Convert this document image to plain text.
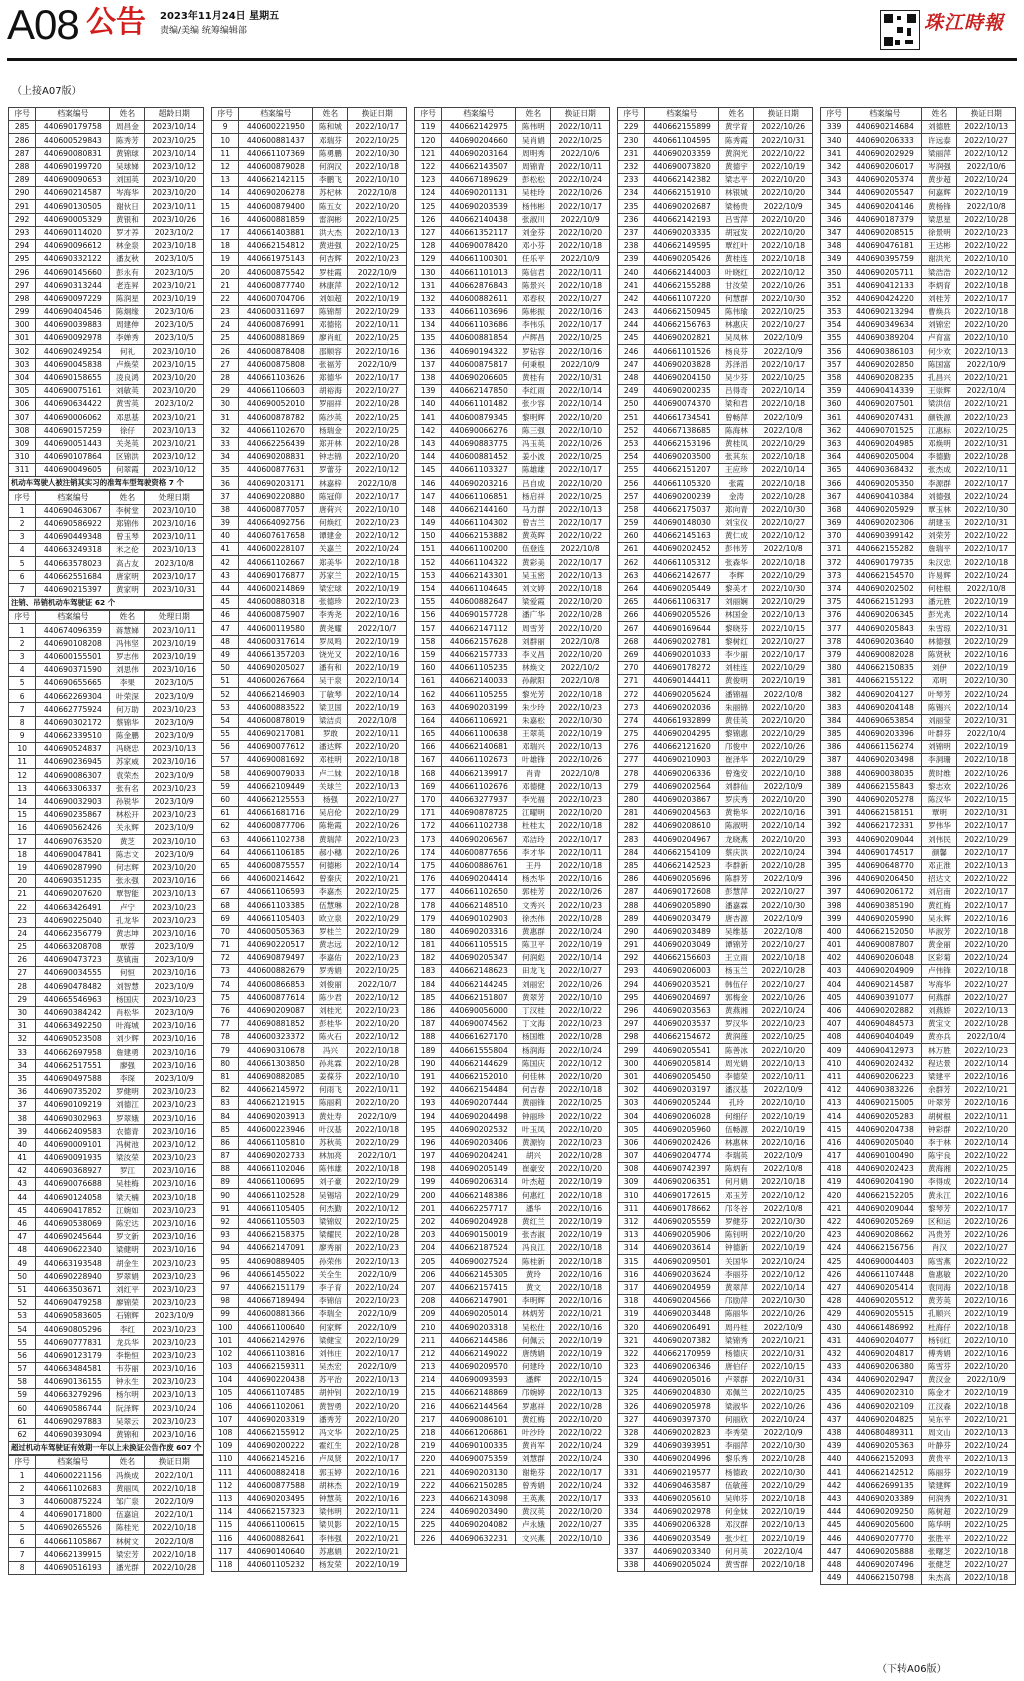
A08 公告 2023年11月24日 星期五
责编/美编 统筹编辑部	珠江時報
（上接A07版）
序号	档案编号	姓名	超龄日期
285	440690179758	周昌金	2023/10/14
286	440600529843	陈秀芳	2023/10/25
287	440690080831	黄锦球	2023/10/14
288	440690199720	吴球娣	2023/10/12
289	440690090653	刘国英	2023/10/20
290	440690214587	岑海华	2023/10/20
291	440690130505	谢伙日	2023/10/11
292	440690005329	黄银和	2023/10/26
293	440690114020	罗才养	2023/10/2
294	440690096612	林金泉	2023/10/18
295	440690332122	潘友秋	2023/10/5
296	440690145660	彭永有	2023/10/5
297	440690313244	老连昇	2023/10/21
298	440690097229	陈润星	2023/10/19
299	440690404546	陈炯缘	2023/10/6
300	440690039883	周建伸	2023/10/5
301	440690092978	李婵秀	2023/10/5
302	440690249254	何礼	2023/10/10
303	440690045838	卢焕荣	2023/10/15
304	440690158655	凌良鸿	2023/10/20
305	440690075161	刘敏英	2023/10/20
306	440690634422	黄雪英	2023/10/2
307	440690006062	邓思基	2023/10/21
308	440690157259	徐仔	2023/10/13
309	440690051443	关尧英	2023/10/21
310	440690107864	区锦洪	2023/10/12
311	440690049605	何翠霞	2023/10/12
机动车驾驶人被注销其实习的准驾车型驾驶资格 7 个
序号	档案编号	姓名	处理日期
1	440690463067	李树堂	2023/10/10
2	440690586922	郑锦伟	2023/10/16
3	440690449348	曾玉琴	2023/10/11
4	440663249318	米之伦	2023/10/13
5	440663578023	高占友	2023/10/8
6	440662551684	唐家明	2023/10/17
7	440690215397	黄家明	2023/10/31
注销、吊销机动车驾驶证 62 个
序号	档案编号	姓名	处理日期
1	440674096359	蒋慧娣	2023/10/11
2	440690108208	冯伟坚	2023/10/19
3	440600155501	罗志伟	2023/10/19
4	440690371590	刘思伟	2023/10/16
5	440690655665	李果	2023/10/5
6	440662269304	叶荣深	2023/10/9
7	440662775924	何万助	2023/10/23
8	440690302172	蔡锦华	2023/10/9
9	440662339510	陈金鹏	2023/10/9
10	440690524837	冯晓忠	2023/10/13
11	440690236945	苏家威	2023/10/16
12	440690086307	袁荣杰	2023/10/9
13	440663306337	张有名	2023/10/23
14	440690032903	孙锐华	2023/10/9
15	440690235867	林松开	2023/10/23
16	440690562426	关永辉	2023/10/9
17	440690763520	黄芝	2023/10/10
18	440690047841	陈志文	2023/10/9
19	440690287990	何志辉	2023/10/20
20	440690351235	张永强	2023/10/16
21	440690207620	覃智能	2023/10/13
22	440663426491	卢宁	2023/10/23
23	440690225040	孔龙华	2023/10/23
24	440662356779	黄志坤	2023/10/16
25	440663208708	覃蓉	2023/10/9
26	440690473723	莫镇南	2023/10/9
27	440690034555	何恒	2023/10/16
28	440690478482	刘智慧	2023/10/9
29	440665546963	杨国庆	2023/10/23
30	440690384242	肖松华	2023/10/9
31	440663492250	叶海城	2023/10/16
32	440690523508	刘少辉	2023/10/16
33	440662697958	詹建勇	2023/10/16
34	440662517551	廖强	2023/10/16
35	440690497588	李琛	2023/10/9
36	440690735202	罗健明	2023/10/23
37	440690109219	刘德江	2023/10/23
38	440690302963	罗翠娥	2023/10/16
39	440662409583	农德青	2023/10/16
40	440690009101	冯树池	2023/10/12
41	440690091935	梁汝荣	2023/10/23
42	440690368927	罗江	2023/10/16
43	440690076688	吴桂梅	2023/10/16
44	440690124058	梁天楠	2023/10/18
45	440690417852	江婉如	2023/10/23
46	440690538069	陈宏达	2023/10/16
47	440690245644	罗文新	2023/10/16
48	440690622340	梁健明	2023/10/16
49	440663193548	胡金生	2023/10/23
50	440690228940	罗翠娟	2023/10/23
51	440663503671	刘红平	2023/10/23
52	440690479258	廖锦荣	2023/10/23
53	440690583605	石锦辉	2023/10/9
54	440690805296	李红	2023/10/23
55	440690777831	龙兵华	2023/10/23
56	440690123179	李艳恒	2023/10/23
57	440663484581	韦芬丽	2023/10/16
58	440690136155	钟永生	2023/10/23
59	440663279296	杨尔明	2023/10/13
60	440690586744	阮泽辉	2023/10/24
61	440690297883	吴翠云	2023/10/23
62	440690393094	黄锦和	2023/10/16
超过机动车驾驶证有效期一年以上未换证公告作废 607 个
序号	档案编号	姓名	换证日期
1	440600221156	冯焕成	2022/10/1
2	440661102683	黄丽凤	2022/10/18
3	440600875224	邹广泉	2022/10/9
4	440690171800	伍嘉谊	2022/10/1
5	440690265526	陈桂光	2022/10/18
6	440661105867	林树文	2022/10/8
7	440662139915	梁宏芳	2022/10/18
8	440690516193	潘光群	2022/10/28
序号	档案编号	姓名	换证日期
9	440600221950	陈和城	2022/10/17
10	440600881437	邓瑞芬	2022/10/25
11	440661107369	陈勇鹏	2022/10/30
12	440600879028	何润汉	2022/10/18
13	440662142115	李鹏飞	2022/10/10
14	440690206278	苏杞林	2022/10/8
15	440600879400	陈五女	2022/10/20
16	440600881859	雷润彬	2022/10/25
17	440661403881	洪大杰	2022/10/13
18	440662154812	黄进强	2022/10/25
19	440661975143	何杏辉	2022/10/23
20	440600875542	罗桂霞	2022/10/9
21	440600877740	林康萍	2022/10/12
22	440600704706	刘如超	2022/10/19
23	440600311697	陈锦帮	2022/10/29
24	440600876991	邓德铭	2022/10/11
25	440600881869	廖肖虹	2022/10/25
26	440600878408	邵顺容	2022/10/16
27	440600875808	张福芳	2022/10/9
28	440661103626	郑德华	2022/10/17
29	440661106603	胡裕海	2022/10/27
30	440690052010	罗丽祥	2022/10/28
31	440600878782	陈沙英	2022/10/25
32	440661102670	杨瑞金	2022/10/25
33	440662256439	郑开林	2022/10/28
34	440690208831	钟志锦	2022/10/20
35	440600877631	罗蕾芬	2022/10/12
36	440690203171	林嘉梓	2022/10/8
37	440690220880	陈冠仰	2022/10/17
38	440600877057	唐荷兴	2022/10/10
39	440664092756	何焕红	2022/10/23
40	440607617658	谭建金	2022/10/12
41	440600228107	关嘉兰	2022/10/24
42	440661102667	郑美华	2022/10/18
43	440690176877	苏家兰	2022/10/15
44	440600214869	梁宏球	2022/10/19
45	440600880318	张德珍	2022/10/23
46	440600875907	李秀尧	2022/10/16
47	440600119580	黄尧耀	2022/10/7
48	440600317614	罗凤鸣	2022/10/19
49	440661357203	饶光又	2022/10/16
50	440690205027	潘有和	2022/10/19
51	440600267664	吴干泉	2022/10/14
52	440662146903	丁敏琴	2022/10/14
53	440600883522	梁卫国	2022/10/19
54	440600878019	梁洁贞	2022/10/8
55	440690217081	罗敢	2022/10/11
56	440690077612	潘达辉	2022/10/20
57	440690081692	邓桂明	2022/10/18
58	440690079033	卢二妹	2022/10/18
59	440662109449	关球兰	2022/10/13
60	440662125553	杨强	2022/10/27
61	440661681716	吴启伦	2022/10/29
62	440600877706	陈艳霞	2022/10/26
63	440661102738	黄瑞萍	2022/10/23
64	440661106185	郝小穗	2022/10/26
65	440600875557	何德彬	2022/10/14
66	440600214642	曾秦庆	2022/10/21
67	440661106593	李嘉杰	2022/10/25
68	440661103385	伍慧琳	2022/10/28
69	440661105403	欧立泉	2022/10/29
70	440600505363	罗桂兰	2022/10/29
71	440690220517	黄志远	2022/10/12
72	440690879497	李嘉佑	2022/10/23
73	440600882679	罗秀娟	2022/10/25
74	440600866853	刘俊丽	2022/10/7
75	440600877614	陈少君	2022/10/12
76	440690209087	刘桂光	2022/10/23
77	440690881852	彭桂华	2022/10/20
78	440600323372	陈火石	2022/10/12
79	440690310678	冯兴	2022/10/18
80	440661303850	孙兆霖	2022/10/28
81	440690882085	姜葆芬	2022/10/10
82	440662145972	何雨飞	2022/10/11
83	440662121915	陈丽莉	2022/10/20
84	440690203913	黄灶寿	2022/10/9
85	440600223946	叶汉基	2022/10/18
86	440661105810	苏秋英	2022/10/29
87	440690202733	林加亮	2022/10/1
88	440661102046	陈伟雄	2022/10/18
89	440661100695	刘子豪	2022/10/29
90	440661102528	吴锡培	2022/10/29
91	440661105405	何杰勤	2022/10/12
92	440661105503	梁锦奴	2022/10/25
93	440662158375	梁耀民	2022/10/28
94	440662147091	廖秀丽	2022/10/23
95	440690889405	孙荣伟	2022/10/13
96	440661455022	关全生	2022/10/9
97	440662151179	李子育	2022/10/24
98	440667189494	李锦信	2022/10/23
99	440600881366	李瑞全	2022/10/9
100	440661100640	何家辉	2022/10/9
101	440662142976	梁健宝	2022/10/29
102	440661103816	刘伟庄	2022/10/17
103	440662159311	吴杰宏	2022/10/9
104	440690220438	苏平治	2022/10/13
105	440661107485	胡仲钊	2022/10/19
106	440661102061	黄智勇	2022/10/20
107	440690203319	潘秀芳	2022/10/20
108	440662155912	冯文华	2022/10/25
109	440690200222	霍红生	2022/10/28
110	440662145216	卢凤贤	2022/10/17
111	440600882418	郭玉婷	2022/10/16
112	440600877588	胡林杰	2022/10/19
113	440690203495	钟慧英	2022/10/16
114	440662157323	梁伟明	2022/10/11
115	440661100615	梁贝影	2022/10/15
116	440600882641	李伟强	2022/10/21
117	440690140640	苏惠娟	2022/10/21
118	440601105232	杨发荣	2022/10/19
序号	档案编号	姓名	换证日期
119	440662142975	陈伟明	2022/10/11
120	440690204660	吴肖娟	2022/10/25
121	440690203164	周明秀	2022/10/6
122	440662143507	周锦青	2022/10/11
123	440667189629	彭松松	2022/10/24
124	440690201131	吴桂玲	2022/10/26
125	440690203539	杨伟彬	2022/10/17
126	440662140438	张淑川	2022/10/9
127	440661352117	刘金芬	2022/10/20
128	440690078420	邓小芬	2022/10/18
129	440661100301	任乐平	2022/10/9
130	440661101013	陈信君	2022/10/11
131	440662876843	陈景兴	2022/10/18
132	440600882611	邓春权	2022/10/27
133	440661103696	陈彬振	2022/10/16
134	440661103686	李伟乐	2022/10/17
135	440600881854	卢辉昌	2022/10/25
136	440690194322	罗钻容	2022/10/16
137	440600875817	何秉根	2022/10/9
138	440690206605	黄桂有	2022/10/31
139	440662147850	李红雨	2022/10/14
140	440661101482	张少容	2022/10/14
141	440600879345	黎明辉	2022/10/20
142	440690066276	陈三强	2022/10/10
143	440690883775	冯玉英	2022/10/26
144	440600881452	姜小波	2022/10/25
145	440661103327	陈雄雄	2022/10/17
146	440690203216	吕自成	2022/10/20
147	440661106851	杨启祥	2022/10/25
148	440662144160	马力群	2022/10/13
149	440661104302	曾吉兰	2022/10/17
150	440662153882	黄英晖	2022/10/22
151	440661100200	伍登连	2022/10/8
152	440661104322	黄彩美	2022/10/17
153	440662143301	吴玉密	2022/10/13
154	440661104645	刘文婷	2022/10/18
155	440600882647	梁爱霞	2022/10/20
156	440690157728	潘广华	2022/10/28
157	440662147112	周雪芳	2022/10/20
158	440662157628	刘群丽	2022/10/8
159	440662157733	李义昌	2022/10/20
160	440661105235	林焕文	2022/10/2
161	440662140033	孙献阳	2022/10/8
162	440661105255	黎光芳	2022/10/18
163	440690203199	朱少玲	2022/10/23
164	440661106921	朱嘉松	2022/10/30
165	440661100638	王翠英	2022/10/19
166	440662140681	邓瑞兴	2022/10/13
167	440661102673	叶雄锋	2022/10/26
168	440662139917	肖青	2022/10/8
169	440661102676	邓德健	2022/10/13
170	440663277937	李光福	2022/10/23
171	440690878725	江曜明	2022/10/20
172	440661102738	杜桂太	2022/10/18
173	440690206567	邓洁玲	2022/10/17
174	440600877656	李才华	2022/10/11
175	440600886761	王丹	2022/10/18
176	440690204414	杨杰华	2022/10/16
177	440661102650	郭桂芳	2022/10/26
178	440662148510	文秀兴	2022/10/23
179	440690102903	徐杰伟	2022/10/28
180	440690203316	黄惠群	2022/10/24
181	440661105515	陈卫平	2022/10/19
182	440690205347	何润彪	2022/10/14
183	440662148623	田龙飞	2022/10/27
184	440662144245	刘丽宏	2022/10/26
185	440662151807	黄翠芳	2022/10/10
186	440690056000	丁汉桂	2022/10/22
187	440690074562	丁文海	2022/10/23
188	440661627170	杨国维	2022/10/28
189	440661555804	杨润海	2022/10/24
190	440662144629	陈国庆	2022/10/12
191	440662152010	何佳林	2022/10/20
192	440662154484	何吉春	2022/10/18
193	440690207444	黄丽锋	2022/10/25
194	440690204498	钟丽珍	2022/10/22
195	440690202532	叶玉凤	2022/10/20
196	440690203406	黄源钧	2022/10/23
197	440690204241	胡兴	2022/10/28
198	440690205149	崔豪安	2022/10/20
199	440690206314	叶杰超	2022/10/19
200	440662148386	何惠红	2022/10/18
201	440662257717	潘华	2022/10/16
202	440690204928	黄红兰	2022/10/19
203	440690150019	张杏淑	2022/10/19
204	440662187524	冯良江	2022/10/18
205	440690027524	陈桂新	2022/10/18
206	440662145305	黄玲	2022/10/16
207	440662157415	黄文	2022/10/18
208	440662147901	李明辉	2022/10/16
209	440690205014	林炳芳	2022/10/21
210	440690203318	吴松仕	2022/10/16
211	440662144586	何佩云	2022/10/19
212	440662149022	唐绣娟	2022/10/19
213	440690209570	何建玲	2022/10/10
214	440690093593	潘辉	2022/10/15
215	440662148869	邝婉婷	2022/10/13
216	440662144564	罗惠祥	2022/10/28
217	440690086101	黄红梅	2022/10/20
218	440661206861	叶沙玲	2022/10/22
219	440690100335	黄肖军	2022/10/24
220	440690075359	刘慧群	2022/10/24
221	440690203130	谢艳芬	2022/10/17
222	440662150285	曾秀娟	2022/10/24
223	440662143098	王英燕	2022/10/17
224	440690203490	黄汉英	2022/10/20
225	440690204082	卢永娥	2022/10/27
226	440690632231	文兴燕	2022/10/10
序号	档案编号	姓名	换证日期
229	440662155899	黄学育	2022/10/26
230	440661104595	陈秀霞	2022/10/31
231	440690203359	黄润光	2022/10/22
232	440690073820	黄德宇	2022/10/19
233	440662142382	梁志平	2022/10/20
234	440662151910	林银城	2022/10/20
235	440690202687	梁杨贵	2022/10/9
236	440662142193	吕雪萍	2022/10/20
237	440690203335	胡冠发	2022/10/20
238	440662149595	覃红叶	2022/10/18
239	440690205426	黄桂连	2022/10/18
240	440662144003	叶晓红	2022/10/12
241	440662155288	甘汝荣	2022/10/26
242	440661107220	何慧群	2022/10/30
243	440662150945	陈伟瑜	2022/10/25
244	440662156763	林惠庆	2022/10/27
245	440690202821	吴凤林	2022/10/9
246	440661101526	杨良芬	2022/10/9
247	440690203828	苏泽滔	2022/10/17
248	440690204150	吴少芬	2022/10/25
249	440690200235	吕得奇	2022/10/14
250	440690074370	梁和君	2022/10/18
251	440661734541	曾畅萍	2022/10/9
252	440667138685	陈海林	2022/10/8
253	440662153196	黄桂凤	2022/10/29
254	440690203500	张其东	2022/10/18
255	440662151207	王应珍	2022/10/14
256	440661105320	张霞	2022/10/18
257	440690200239	金涛	2022/10/28
258	440662175037	郑向青	2022/10/30
259	440690148030	刘宝仪	2022/10/27
260	440662145163	黄仁成	2022/10/12
261	440690202452	彭伟芳	2022/10/8
262	440661105312	张森华	2022/10/18
263	440662142677	李辉	2022/10/29
264	440690205449	黎美才	2022/10/30
265	440661106317	刘丽娴	2022/10/29
266	440690205526	林国金	2022/10/13
267	440690169644	黎晓芬	2022/10/15
268	440690202781	黎树红	2022/10/27
269	440690201033	李少丽	2022/10/17
270	440690178272	刘桂连	2022/10/29
271	440690144411	黄俊明	2022/10/19
272	440690205624	潘锦福	2022/10/8
273	440690202036	朱丽锦	2022/10/20
274	440661932899	黄佳英	2022/10/20
275	440690204295	黎锦惠	2022/10/29
276	440662121620	邝俊中	2022/10/26
277	440690210903	崔泽华	2022/10/29
278	440690206336	曾逸安	2022/10/10
279	440690202564	刘群仙	2022/10/9
280	440690203867	罗庆秀	2022/10/20
281	440690204563	黄艳华	2022/10/16
282	440690208610	陈淑明	2022/10/14
283	440690204967	龙晓燕	2022/10/20
284	440662154109	蔡庆洪	2022/10/24
285	440662142523	李群新	2022/10/28
286	440690205696	陈群芳	2022/10/9
287	440690172608	彭慧萍	2022/10/27
288	440690205890	潘嘉霖	2022/10/30
289	440690203479	唐杏源	2022/10/9
290	440690203489	吴维基	2022/10/8
291	440690203049	谭锦芳	2022/10/27
292	440662156603	王立雨	2022/10/18
293	440690206003	杨玉兰	2022/10/28
294	440690203521	韩伍仔	2022/10/27
295	440690204697	郭梅金	2022/10/26
296	440690203563	黄燕湘	2022/10/24
297	440690203537	罗汉华	2022/10/23
298	440662154672	黄润莲	2022/10/25
299	440690205541	陈善冰	2022/10/20
300	440690205814	周光娟	2022/10/13
301	440690205450	李德荣	2022/10/11
302	440690203197	潘汉基	2022/10/9
303	440690205244	孔玲	2022/10/10
304	440690206028	何细仔	2022/10/19
305	440690205960	伍畅源	2022/10/19
306	440690202426	林惠林	2022/10/16
307	440690204774	李瑞英	2022/10/9
308	440690742397	陈炳有	2022/10/8
309	440690206351	何月娟	2022/10/18
310	440690172615	邓玉芳	2022/10/12
311	440690178662	邝冬谷	2022/10/8
312	440690205559	罗健芬	2022/10/30
313	440690205906	陈钊明	2022/10/20
314	440690203614	钟德新	2022/10/19
315	440690209501	关国华	2022/10/24
316	440690203624	李丽芬	2022/10/12
317	440690204959	黄翠萍	2022/10/14
318	440690204566	邝励萍	2022/10/30
319	440690203448	陈丽华	2022/10/26
320	440690206491	周丹桂	2022/10/9
321	440690207382	梁锦秀	2022/10/21
322	440662170959	杨德庆	2022/10/31
323	440690206346	唐伯仔	2022/10/15
324	440690205016	卢翠群	2022/10/31
325	440690204830	邓佩兰	2022/10/25
326	440690205978	梁淑华	2022/10/26
327	440690397370	何丽欣	2022/10/24
328	440690202823	李秀荣	2022/10/9
329	440690393951	李丽萍	2022/10/30
330	440690204996	黎乐秀	2022/10/28
331	440690219577	杨德政	2022/10/30
332	440690463587	伍敏莲	2022/10/29
333	440690205610	吴帅芬	2022/10/18
334	440690202978	何金妹	2022/10/19
335	440690206328	邓汉群	2022/10/13
336	440690203549	张少红	2022/10/19
337	440690203340	何月英	2022/10/4
338	440690205024	黄雪群	2022/10/18
序号	档案编号	姓名	换证日期
339	440690214684	刘德胜	2022/10/13
340	440690206333	许远泰	2022/10/27
341	440690202929	梁丽萍	2022/10/12
342	440690206017	岑润强	2022/10/6
343	440690205374	黄步超	2022/10/24
344	440690205547	何嘉辉	2022/10/19
345	440690204146	黄杨锋	2022/10/8
346	440690187379	梁思星	2022/10/28
347	440690208515	徐景明	2022/10/23
348	440690476181	王达彬	2022/10/22
349	440690395759	谢洪光	2022/10/10
350	440690205711	梁浩浩	2022/10/12
351	440690412133	李炳育	2022/10/18
352	440690424220	刘桂芳	2022/10/17
353	440690213294	曹焕兵	2022/10/18
354	440690349634	刘锦宏	2022/10/20
355	440690389204	卢育富	2022/10/10
356	440690386103	何少欢	2022/10/13
357	440690202850	陈国富	2022/10/9
358	440690208235	孔昌兴	2022/10/21
359	440690414339	王崇辉	2022/10/4
360	440690207501	梁洪信	2022/10/21
361	440690207431	颜铁源	2022/10/23
362	440690701525	江惠标	2022/10/25
363	440690204985	邓焕明	2022/10/31
364	440690205004	李德勤	2022/10/28
365	440690368432	张杰成	2022/10/11
366	440690205350	李源群	2022/10/17
367	440690410384	刘德强	2022/10/24
368	440690205929	覃玉林	2022/10/30
369	440690202306	胡建玉	2022/10/31
370	440690399142	刘荣芳	2022/10/22
371	440662155282	詹瑞平	2022/10/17
372	440690179735	朱汉忠	2022/10/18
373	440662154570	许易辉	2022/10/24
374	440690202502	何桂根	2022/10/8
375	440662151293	潘元胜	2022/10/19
376	440690206345	彭光兆	2022/10/14
377	440690205843	朱雪琼	2022/10/31
378	440690203640	林德强	2022/10/29
379	440690082028	陈贤秋	2022/10/16
380	440662150835	刘伊	2022/10/19
381	440662155122	邓明	2022/10/30
382	440690204127	叶琴芳	2022/10/24
383	440690204148	陈锡兴	2022/10/14
384	440690653854	刘丽莹	2022/10/31
385	440690203396	叶群芬	2022/10/4
386	440661156274	刘锦明	2022/10/19
387	440690203498	李洞珊	2022/10/18
388	440690038035	黄时维	2022/10/26
389	440662155843	黎志欢	2022/10/26
390	440690205278	陈汉华	2022/10/15
391	440662158151	覃明	2022/10/31
392	440662172331	罗伟华	2022/10/17
393	440690209044	刘伟民	2022/10/29
394	440690174517	颜馨	2022/10/17
395	440690648770	邓正淮	2022/10/13
396	440690206450	招达文	2022/10/22
397	440690206172	刘启南	2022/10/17
398	440690385190	黄红梅	2022/10/17
399	440690205990	吴永辉	2022/10/16
400	440662152050	毕淑芳	2022/10/18
401	440690087807	黄金丽	2022/10/20
402	440690206048	区彩菊	2022/10/24
403	440690204909	卢伟锋	2022/10/18
404	440690214587	岑海华	2022/10/27
405	440690391077	何燕群	2022/10/27
406	440690202882	刘燕娇	2022/10/13
407	440690484573	黄宝文	2022/10/28
408	440690404049	黄亦兵	2022/10/4
409	440690412973	林万胜	2022/10/23
410	440690202432	程达景	2022/10/14
411	440690206223	梁建平	2022/10/16
412	440690383226	余群芳	2022/10/21
413	440690215005	叶翠芳	2022/10/16
414	440690205283	胡树根	2022/10/11
415	440690204738	钟彩群	2022/10/20
416	440690205040	李于林	2022/10/14
417	440690100490	陈宇良	2022/10/22
418	440690202423	黄海湘	2022/10/25
419	440690204190	李得成	2022/10/14
420	440662152205	黄永江	2022/10/16
421	440690209044	黎琴芳	2022/10/17
422	440690205269	区和运	2022/10/26
423	440690208662	冯贵芳	2022/10/26
424	440662156756	肖汉	2022/10/27
425	440690004403	陈雪燕	2022/10/22
426	440661107448	詹惠敏	2022/10/20
427	440690205414	袁同海	2022/10/18
428	440690205512	黄芳英	2022/10/16
429	440690205515	孔顺兴	2022/10/19
430	440661486992	杜海仔	2022/10/18
431	440690204077	杨钊红	2022/10/10
432	440690204817	傅秀娟	2022/10/16
433	440690206380	陈雪芬	2022/10/20
434	440690202947	黄汉金	2022/10/9
435	440690202310	陈金才	2022/10/19
436	440690202109	江汉森	2022/10/18
437	440690204825	吴东平	2022/10/21
438	440680489311	周文山	2022/10/13
439	440690205363	叶静芬	2022/10/24
440	440662152093	黄贵平	2022/10/13
441	440662142512	陈丽芬	2022/10/19
442	440662699135	梁建辉	2022/10/19
443	440690203389	何润秀	2022/10/31
444	440690209250	陈树超	2022/10/29
445	440690205600	陈华明	2022/10/25
446	440690207770	张胜平	2022/10/22
447	440690205888	张曙芝	2022/10/18
448	440690207496	张健芝	2022/10/27
449	440662150798	朱杰高	2022/10/18
（下转A06版）
